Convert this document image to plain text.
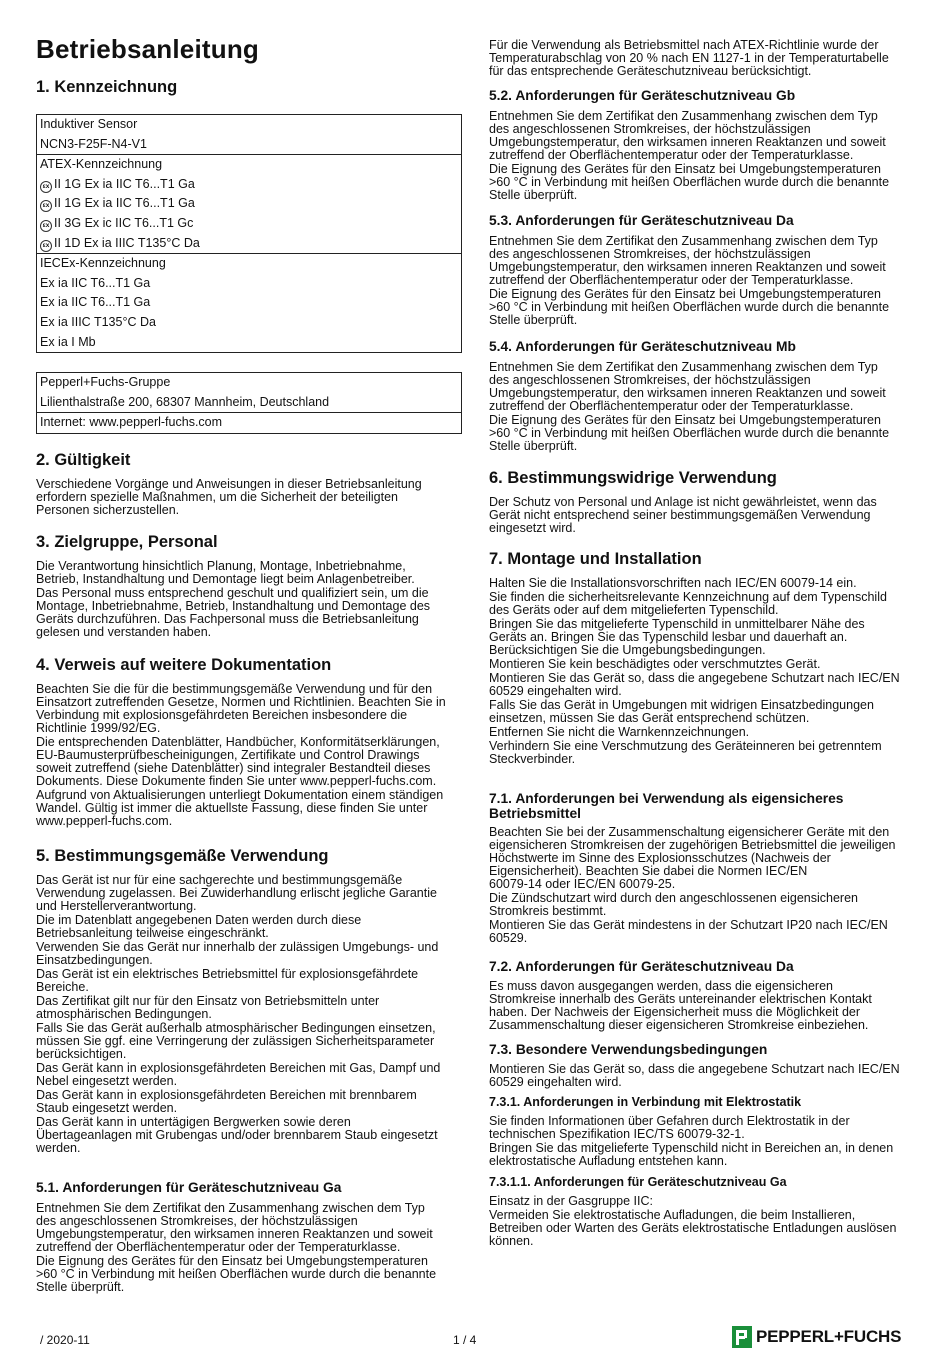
Betriebsanleitung
1. Kennzeichnung
Induktiver Sensor
NCN3-F25F-N4-V1
ATEX-Kennzeichnung
εx II 1G Ex ia IIC T6...T1 Ga
εx II 1G Ex ia IIC T6...T1 Ga
εx II 3G Ex ic IIC T6...T1 Gc
εx II 1D Ex ia IIIC T135°C Da
IECEx-Kennzeichnung
Ex ia IIC T6...T1 Ga
Ex ia IIC T6...T1 Ga
Ex ia IIIC T135°C Da
Ex ia I Mb
Pepperl+Fuchs-Gruppe
Lilienthalstraße 200, 68307 Mannheim, Deutschland
Internet: www.pepperl-fuchs.com
2. Gültigkeit

Verschiedene Vorgänge und Anweisungen in dieser Betriebsanleitung
erfordern spezielle Maßnahmen, um die Sicherheit der beteiligten
Personen sicherzustellen.

3. Zielgruppe, Personal

Die Verantwortung hinsichtlich Planung, Montage, Inbetriebnahme,
Betrieb, Instandhaltung und Demontage liegt beim Anlagenbetreiber.

Das Personal muss entsprechend geschult und qualifiziert sein, um die
Montage, Inbetriebnahme, Betrieb, Instandhaltung und Demontage des
Geräts durchzuführen. Das Fachpersonal muss die Betriebsanleitung
gelesen und verstanden haben.

4. Verweis auf weitere Dokumentation

Beachten Sie die für die bestimmungsgemäße Verwendung und für den
Einsatzort zutreffenden Gesetze, Normen und Richtlinien. Beachten Sie in
Verbindung mit explosionsgefährdeten Bereichen insbesondere die
Richtlinie 1999/92/EG.

Die entsprechenden Datenblätter, Handbücher, Konformitätserklärungen,
EU-Baumusterprüfbescheinigungen, Zertifikate und Control Drawings
soweit zutreffend (siehe Datenblätter) sind integraler Bestandteil dieses
Dokuments. Diese Dokumente finden Sie unter www.pepperl-fuchs.com.

Aufgrund von Aktualisierungen unterliegt Dokumentation einem ständigen
Wandel. Gültig ist immer die aktuellste Fassung, diese finden Sie unter
www.pepperl-fuchs.com.

5. Bestimmungsgemäße Verwendung

Das Gerät ist nur für eine sachgerechte und bestimmungsgemäße
Verwendung zugelassen. Bei Zuwiderhandlung erlischt jegliche Garantie
und Herstellerverantwortung.

Die im Datenblatt angegebenen Daten werden durch diese
Betriebsanleitung teilweise eingeschränkt.

Verwenden Sie das Gerät nur innerhalb der zulässigen Umgebungs- und
Einsatzbedingungen.

Das Gerät ist ein elektrisches Betriebsmittel für explosionsgefährdete
Bereiche.

Das Zertifikat gilt nur für den Einsatz von Betriebsmitteln unter
atmosphärischen Bedingungen.

Falls Sie das Gerät außerhalb atmosphärischer Bedingungen einsetzen,
müssen Sie ggf. eine Verringerung der zulässigen Sicherheitsparameter
berücksichtigen.

Das Gerät kann in explosionsgefährdeten Bereichen mit Gas, Dampf und
Nebel eingesetzt werden.

Das Gerät kann in explosionsgefährdeten Bereichen mit brennbarem
Staub eingesetzt werden.

Das Gerät kann in untertägigen Bergwerken sowie deren
Übertageanlagen mit Grubengas und/oder brennbarem Staub eingesetzt
werden.

5.1. Anforderungen für Geräteschutzniveau Ga

Entnehmen Sie dem Zertifikat den Zusammenhang zwischen dem Typ
des angeschlossenen Stromkreises, der höchstzulässigen
Umgebungstemperatur, den wirksamen inneren Reaktanzen und soweit
zutreffend der Oberflächentemperatur oder der Temperaturklasse.

Die Eignung des Gerätes für den Einsatz bei Umgebungstemperaturen
>60 °C in Verbindung mit heißen Oberflächen wurde durch die benannte
Stelle überprüft.

Für die Verwendung als Betriebsmittel nach ATEX-Richtlinie wurde der
Temperaturabschlag von 20 % nach EN 1127-1 in der Temperaturtabelle
für das entsprechende Geräteschutzniveau berücksichtigt.

5.2. Anforderungen für Geräteschutzniveau Gb

Entnehmen Sie dem Zertifikat den Zusammenhang zwischen dem Typ
des angeschlossenen Stromkreises, der höchstzulässigen
Umgebungstemperatur, den wirksamen inneren Reaktanzen und soweit
zutreffend der Oberflächentemperatur oder der Temperaturklasse.

Die Eignung des Gerätes für den Einsatz bei Umgebungstemperaturen
>60 °C in Verbindung mit heißen Oberflächen wurde durch die benannte
Stelle überprüft.

5.3. Anforderungen für Geräteschutzniveau Da

Entnehmen Sie dem Zertifikat den Zusammenhang zwischen dem Typ
des angeschlossenen Stromkreises, der höchstzulässigen
Umgebungstemperatur, den wirksamen inneren Reaktanzen und soweit
zutreffend der Oberflächentemperatur oder der Temperaturklasse.

Die Eignung des Gerätes für den Einsatz bei Umgebungstemperaturen
>60 °C in Verbindung mit heißen Oberflächen wurde durch die benannte
Stelle überprüft.

5.4. Anforderungen für Geräteschutzniveau Mb

Entnehmen Sie dem Zertifikat den Zusammenhang zwischen dem Typ
des angeschlossenen Stromkreises, der höchstzulässigen
Umgebungstemperatur, den wirksamen inneren Reaktanzen und soweit
zutreffend der Oberflächentemperatur oder der Temperaturklasse.

Die Eignung des Gerätes für den Einsatz bei Umgebungstemperaturen
>60 °C in Verbindung mit heißen Oberflächen wurde durch die benannte
Stelle überprüft.

6. Bestimmungswidrige Verwendung

Der Schutz von Personal und Anlage ist nicht gewährleistet, wenn das
Gerät nicht entsprechend seiner bestimmungsgemäßen Verwendung
eingesetzt wird.

7. Montage und Installation

Halten Sie die Installationsvorschriften nach IEC/EN 60079-14 ein.

Sie finden die sicherheitsrelevante Kennzeichnung auf dem Typenschild
des Geräts oder auf dem mitgelieferten Typenschild.

Bringen Sie das mitgelieferte Typenschild in unmittelbarer Nähe des
Geräts an. Bringen Sie das Typenschild lesbar und dauerhaft an.
Berücksichtigen Sie die Umgebungsbedingungen.

Montieren Sie kein beschädigtes oder verschmutztes Gerät.

Montieren Sie das Gerät so, dass die angegebene Schutzart nach IEC/EN
60529 eingehalten wird.

Falls Sie das Gerät in Umgebungen mit widrigen Einsatzbedingungen
einsetzen, müssen Sie das Gerät entsprechend schützen.

Entfernen Sie nicht die Warnkennzeichnungen.

Verhindern Sie eine Verschmutzung des Geräteinneren bei getrenntem
Steckverbinder.

7.1. Anforderungen bei Verwendung als eigensicheres
Betriebsmittel

Beachten Sie bei der Zusammenschaltung eigensicherer Geräte mit den
eigensicheren Stromkreisen der zugehörigen Betriebsmittel die jeweiligen
Höchstwerte im Sinne des Explosionsschutzes (Nachweis der
Eigensicherheit). Beachten Sie dabei die Normen IEC/EN
60079-14 oder IEC/EN 60079-25.

Die Zündschutzart wird durch den angeschlossenen eigensicheren
Stromkreis bestimmt.

Montieren Sie das Gerät mindestens in der Schutzart IP20 nach IEC/EN
60529.

7.2. Anforderungen für Geräteschutzniveau Da

Es muss davon ausgegangen werden, dass die eigensicheren
Stromkreise innerhalb des Geräts untereinander elektrischen Kontakt
haben. Der Nachweis der Eigensicherheit muss die Möglichkeit der
Zusammenschaltung dieser eigensicheren Stromkreise einbeziehen.

7.3. Besondere Verwendungsbedingungen

Montieren Sie das Gerät so, dass die angegebene Schutzart nach IEC/EN
60529 eingehalten wird.

7.3.1. Anforderungen in Verbindung mit Elektrostatik

Sie finden Informationen über Gefahren durch Elektrostatik in der
technischen Spezifikation IEC/TS 60079-32-1.

Bringen Sie das mitgelieferte Typenschild nicht in Bereichen an, in denen
elektrostatische Aufladung entstehen kann.

7.3.1.1. Anforderungen für Geräteschutzniveau Ga

Einsatz in der Gasgruppe IIC:

Vermeiden Sie elektrostatische Aufladungen, die beim Installieren,
Betreiben oder Warten des Geräts elektrostatische Entladungen auslösen
können.

/ 2020-11	1 / 4	PEPPERL+FUCHS
